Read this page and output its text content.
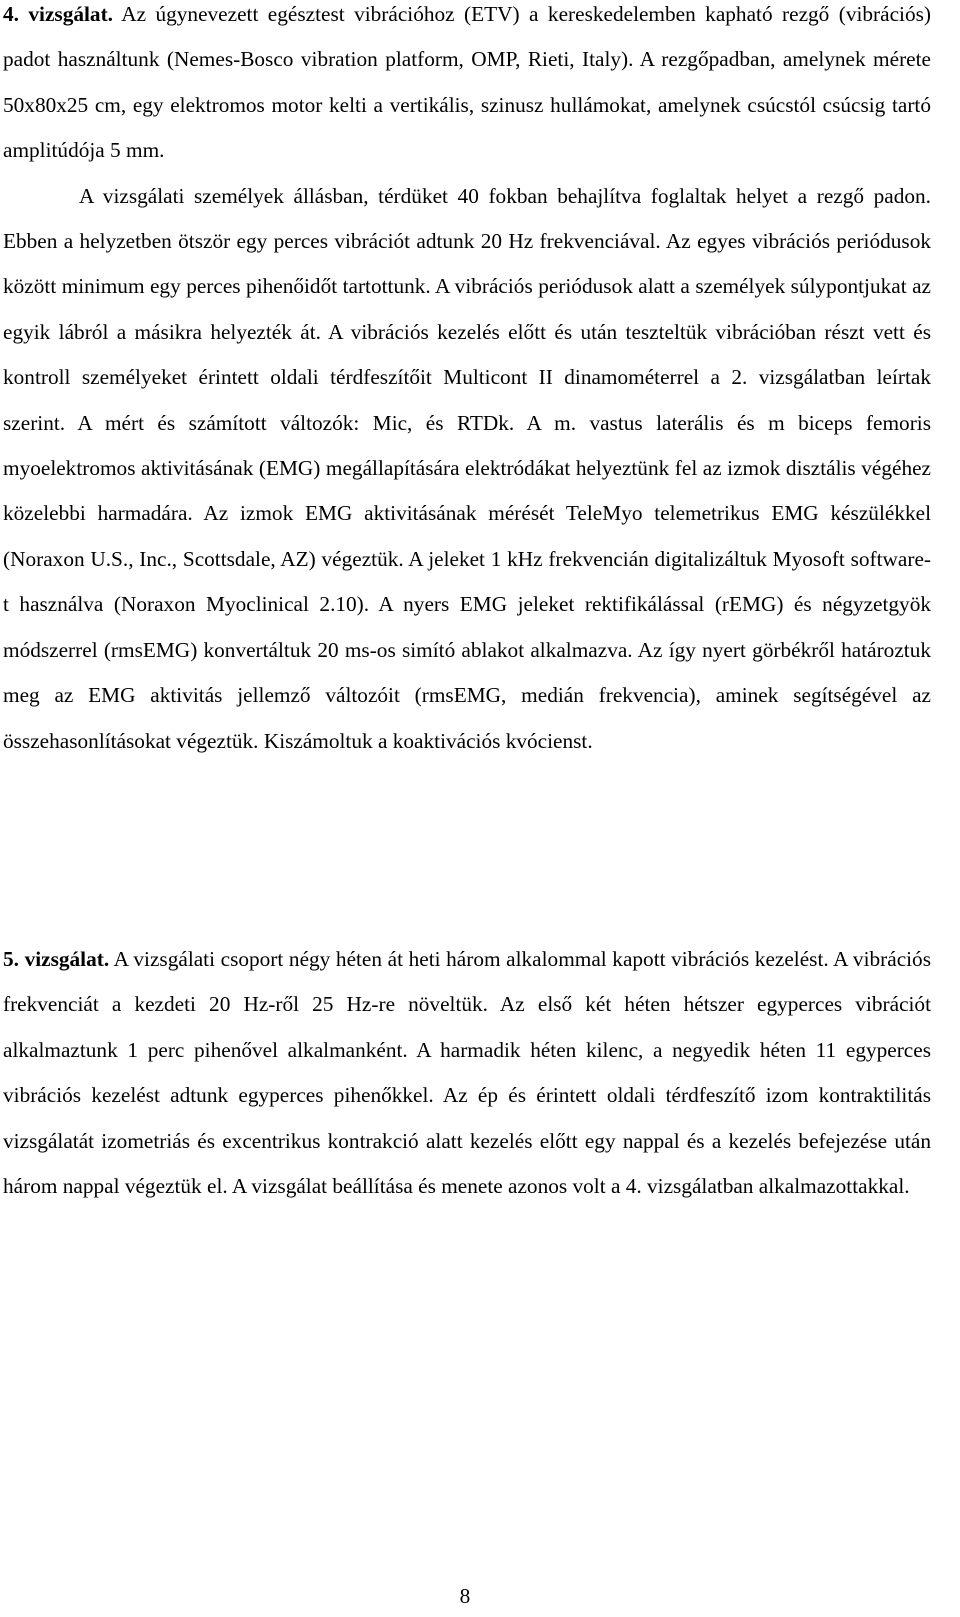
4. vizsgálat. Az úgynevezett egésztest vibrációhoz (ETV) a kereskedelemben kapható rezgő (vibrációs) padot használtunk (Nemes-Bosco vibration platform, OMP, Rieti, Italy). A rezgőpadban, amelynek mérete 50x80x25 cm, egy elektromos motor kelti a vertikális, szinusz hullámokat, amelynek csúcstól csúcsig tartó amplitúdója 5 mm.

A vizsgálati személyek állásban, térdüket 40 fokban behajlítva foglaltak helyet a rezgő padon. Ebben a helyzetben ötször egy perces vibrációt adtunk 20 Hz frekvenciával. Az egyes vibrációs periódusok között minimum egy perces pihenőidőt tartottunk. A vibrációs periódusok alatt a személyek súlypontjukat az egyik lábról a másikra helyezték át. A vibrációs kezelés előtt és után teszteltük vibrációban részt vett és kontroll személyeket érintett oldali térdfeszítőit Multicont II dinamométerrel a 2. vizsgálatban leírtak szerint. A mért és számított változók: Mic, és RTDk. A m. vastus laterális és m biceps femoris myoelektromos aktivitásának (EMG) megállapítására elektródákat helyeztünk fel az izmok disztális végéhez közelebbi harmadára. Az izmok EMG aktivitásának mérését TeleMyo telemetrikus EMG készülékkel (Noraxon U.S., Inc., Scottsdale, AZ) végeztük. A jeleket 1 kHz frekvencián digitalizáltuk Myosoft software-t használva (Noraxon Myoclinical 2.10). A nyers EMG jeleket rektifikálással (rEMG) és négyzetgyök módszerrel (rmsEMG) konvertáltuk 20 ms-os simító ablakot alkalmazva. Az így nyert görbékről határoztuk meg az EMG aktivitás jellemző változóit (rmsEMG, medián frekvencia), aminek segítségével az összehasonlításokat végeztük. Kiszámoltuk a koaktivációs kvócienst.

5. vizsgálat. A vizsgálati csoport négy héten át heti három alkalommal kapott vibrációs kezelést. A vibrációs frekvenciát a kezdeti 20 Hz-ről 25 Hz-re növeltük. Az első két héten hétszer egyperces vibrációt alkalmaztunk 1 perc pihenővel alkalmanként. A harmadik héten kilenc, a negyedik héten 11 egyperces vibrációs kezelést adtunk egyperces pihenőkkel. Az ép és érintett oldali térdfeszítő izom kontraktilitás vizsgálatát izometriás és excentrikus kontrakció alatt kezelés előtt egy nappal és a kezelés befejezése után három nappal végeztük el. A vizsgálat beállítása és menete azonos volt a 4. vizsgálatban alkalmazottakkal.

8
